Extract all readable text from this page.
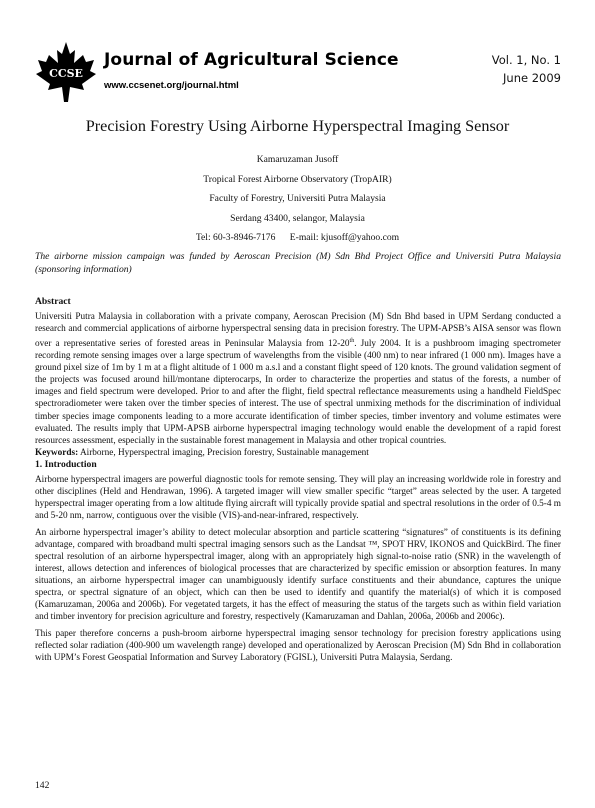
CCSE
Journal of Agricultural Science
www.ccsenet.org/journal.html
Vol. 1, No. 1
June 2009
Precision Forestry Using Airborne Hyperspectral Imaging Sensor
Kamaruzaman Jusoff
Tropical Forest Airborne Observatory (TropAIR)
Faculty of Forestry, Universiti Putra Malaysia
Serdang 43400, selangor, Malaysia
Tel: 60-3-8946-7176 E-mail: kjusoff@yahoo.com
The airborne mission campaign was funded by Aeroscan Precision (M) Sdn Bhd Project Office and Universiti Putra Malaysia (sponsoring information)
Abstract

Universiti Putra Malaysia in collaboration with a private company, Aeroscan Precision (M) Sdn Bhd based in UPM Serdang conducted a research and commercial applications of airborne hyperspectral sensing data in precision forestry. The UPM-APSB’s AISA sensor was flown over a representative series of forested areas in Peninsular Malaysia from 12-20th. July 2004. It is a pushbroom imaging spectrometer recording remote sensing images over a large spectrum of wavelengths from the visible (400 nm) to near infrared (1 000 nm). Images have a ground pixel size of 1m by 1 m at a flight altitude of 1 000 m a.s.l and a constant flight speed of 120 knots. The ground validation segment of the projects was focused around hill/montane dipterocarps, In order to characterize the properties and status of the forests, a number of images and field spectrum were developed. Prior to and after the flight, field spectral reflectance measurements using a handheld FieldSpec spectroradiometer were taken over the timber species of interest. The use of spectral unmixing methods for the discrimination of individual timber species image components leading to a more accurate identification of timber species, timber inventory and volume estimates were evaluated. The results imply that UPM-APSB airborne hyperspectral imaging technology would enable the development of a rapid forest resources assessment, especially in the sustainable forest management in Malaysia and other tropical countries.

Keywords: Airborne, Hyperspectral imaging, Precision forestry, Sustainable management

1. Introduction

Airborne hyperspectral imagers are powerful diagnostic tools for remote sensing. They will play an increasing worldwide role in forestry and other disciplines (Held and Hendrawan, 1996). A targeted imager will view smaller specific “target” areas selected by the user. A targeted hyperspectral imager operating from a low altitude flying aircraft will typically provide spatial and spectral resolutions in the order of 0.5-4 m and 5-20 nm, narrow, contiguous over the visible (VIS)-and-near-infrared, respectively.

An airborne hyperspectral imager’s ability to detect molecular absorption and particle scattering “signatures” of constituents is its defining advantage, compared with broadband multi spectral imaging sensors such as the Landsat ™, SPOT HRV, IKONOS and QuickBird. The finer spectral resolution of an airborne hyperspectral imager, along with an appropriately high signal-to-noise ratio (SNR) in the wavelength of interest, allows detection and inferences of biological processes that are characterized by specific emission or absorption features. In many situations, an airborne hyperspectral imager can unambiguously identify surface constituents and their abundance, captures the unique spectra, or spectral signature of an object, which can then be used to identify and quantify the material(s) of which it is composed (Kamaruzaman, 2006a and 2006b). For vegetated targets, it has the effect of measuring the status of the targets such as within field variation and timber inventory for precision agriculture and forestry, respectively (Kamaruzaman and Dahlan, 2006a, 2006b and 2006c).

This paper therefore concerns a push-broom airborne hyperspectral imaging sensor technology for precision forestry applications using reflected solar radiation (400-900 um wavelength range) developed and operationalized by Aeroscan Precision (M) Sdn Bhd in collaboration with UPM’s Forest Geospatial Information and Survey Laboratory (FGISL), Universiti Putra Malaysia, Serdang.

142
